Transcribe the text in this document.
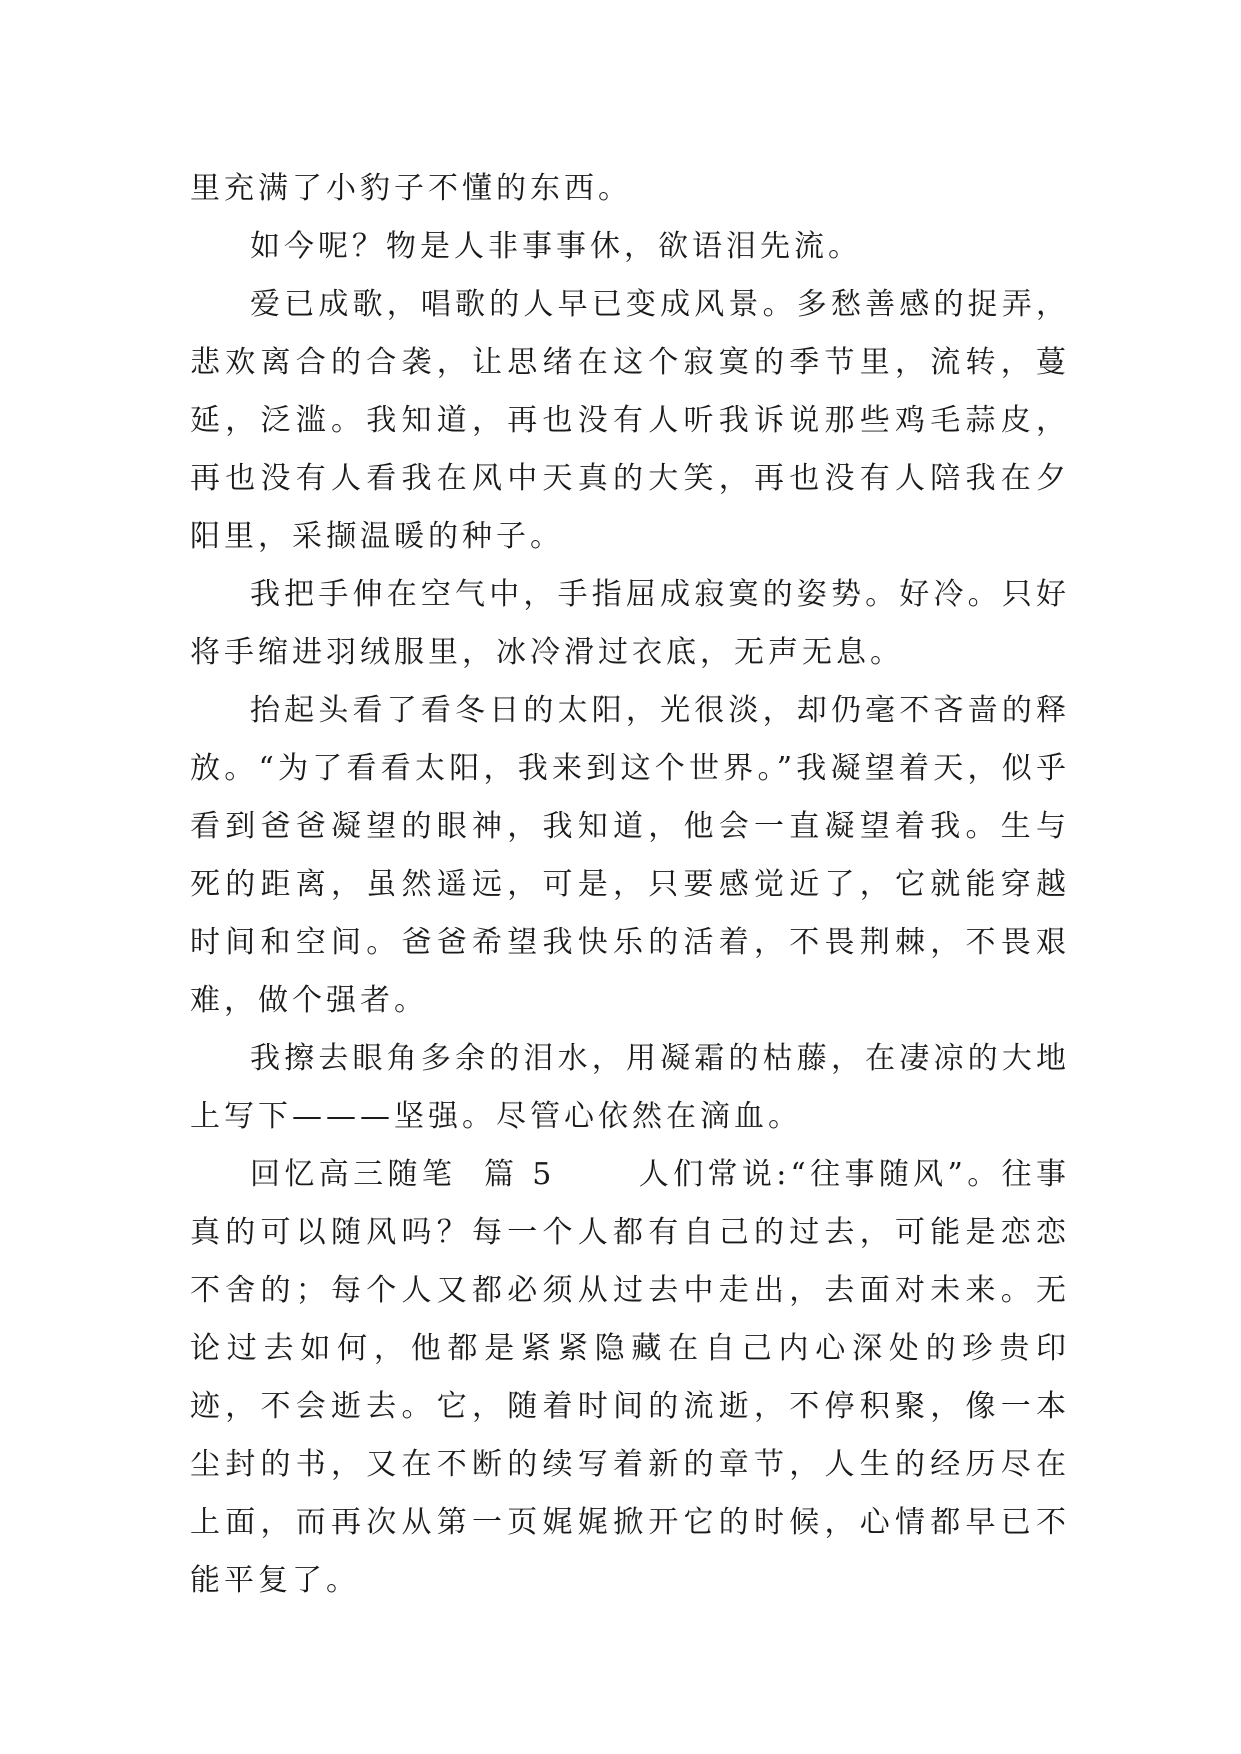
里充满了小豹子不懂的东西。

如今呢？物是人非事事休，欲语泪先流。

爱已成歌，唱歌的人早已变成风景。多愁善感的捉弄，悲欢离合的合袭，让思绪在这个寂寞的季节里，流转，蔓延，泛滥。我知道，再也没有人听我诉说那些鸡毛蒜皮，再也没有人看我在风中天真的大笑，再也没有人陪我在夕阳里，采撷温暖的种子。

我把手伸在空气中，手指屈成寂寞的姿势。好冷。只好将手缩进羽绒服里，冰冷滑过衣底，无声无息。

抬起头看了看冬日的太阳，光很淡，却仍毫不吝啬的释放。“为了看看太阳，我来到这个世界。”我凝望着天，似乎看到爸爸凝望的眼神，我知道，他会一直凝望着我。生与死的距离，虽然遥远，可是，只要感觉近了，它就能穿越时间和空间。爸爸希望我快乐的活着，不畏荆棘，不畏艰难，做个强者。

我擦去眼角多余的泪水，用凝霜的枯藤，在凄凉的大地上写下———坚强。尽管心依然在滴血。

回忆高三随笔  篇 5      人们常说:“往事随风”。往事真的可以随风吗？每一个人都有自己的过去，可能是恋恋不舍的；每个人又都必须从过去中走出，去面对未来。无论过去如何，他都是紧紧隐藏在自己内心深处的珍贵印迹，不会逝去。它，随着时间的流逝，不停积聚，像一本尘封的书，又在不断的续写着新的章节，人生的经历尽在上面，而再次从第一页娓娓掀开它的时候，心情都早已不能平复了。
